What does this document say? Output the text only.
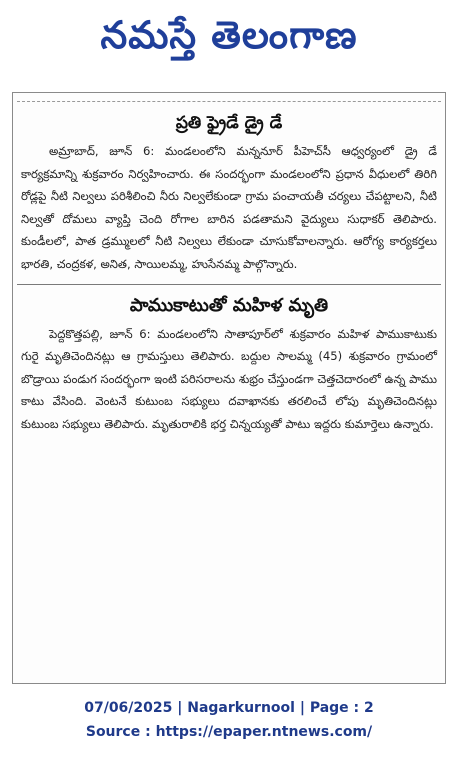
నమస్తే తెలంగాణ
ప్రతి ఫ్రైడే డ్రై డే
అమ్రాబాద్, జూన్ 6: మండలంలోని మన్ననూర్ పీహెచ్‌సీ ఆధ్వర్యంలో డ్రై డే కార్యక్రమాన్ని శుక్రవారం నిర్వహించారు. ఈ సందర్భంగా మండలంలోని ప్రధాన వీధులలో తిరిగి రోడ్లపై నీటి నిల్వలు పరిశీలించి నీరు నిల్వలేకుండా గ్రామ పంచాయతీ చర్యలు చేపట్టాలని, నీటి నిల్వతో దోమలు వ్యాప్తి చెంది రోగాల బారిన పడతామని వైద్యులు సుధాకర్ తెలిపారు. కుండీలలో, పాత డ్రమ్ములలో నీటి నిల్వలు లేకుండా చూసుకోవాలన్నారు. ఆరోగ్య కార్యకర్తలు భారతి, చంద్రకళ, అనిత, సాయిలమ్మ, హుసేనమ్మ పాల్గొన్నారు.
పాముకాటుతో మహిళ మృతి
పెద్దకొత్తపల్లి, జూన్ 6: మండలంలోని సాతాపూర్‌లో శుక్రవారం మహిళ పాముకాటుకు గురై మృతిచెందినట్లు ఆ గ్రామస్తులు తెలిపారు. బద్దుల సాలమ్మ (45) శుక్రవారం గ్రామంలో బొడ్రాయి పండుగ సందర్భంగా ఇంటి పరిసరాలను శుభ్రం చేస్తుండగా చెత్తచెదారంలో ఉన్న పాము కాటు వేసింది. వెంటనే కుటుంబ సభ్యులు దవాఖానకు తరలించే లోపు మృతిచెందినట్లు కుటుంబ సభ్యులు తెలిపారు. మృతురాలికి భర్త చిన్నయ్యతో పాటు ఇద్దరు కుమార్తెలు ఉన్నారు.
07/06/2025 | Nagarkurnool | Page : 2
Source : https://epaper.ntnews.com/
